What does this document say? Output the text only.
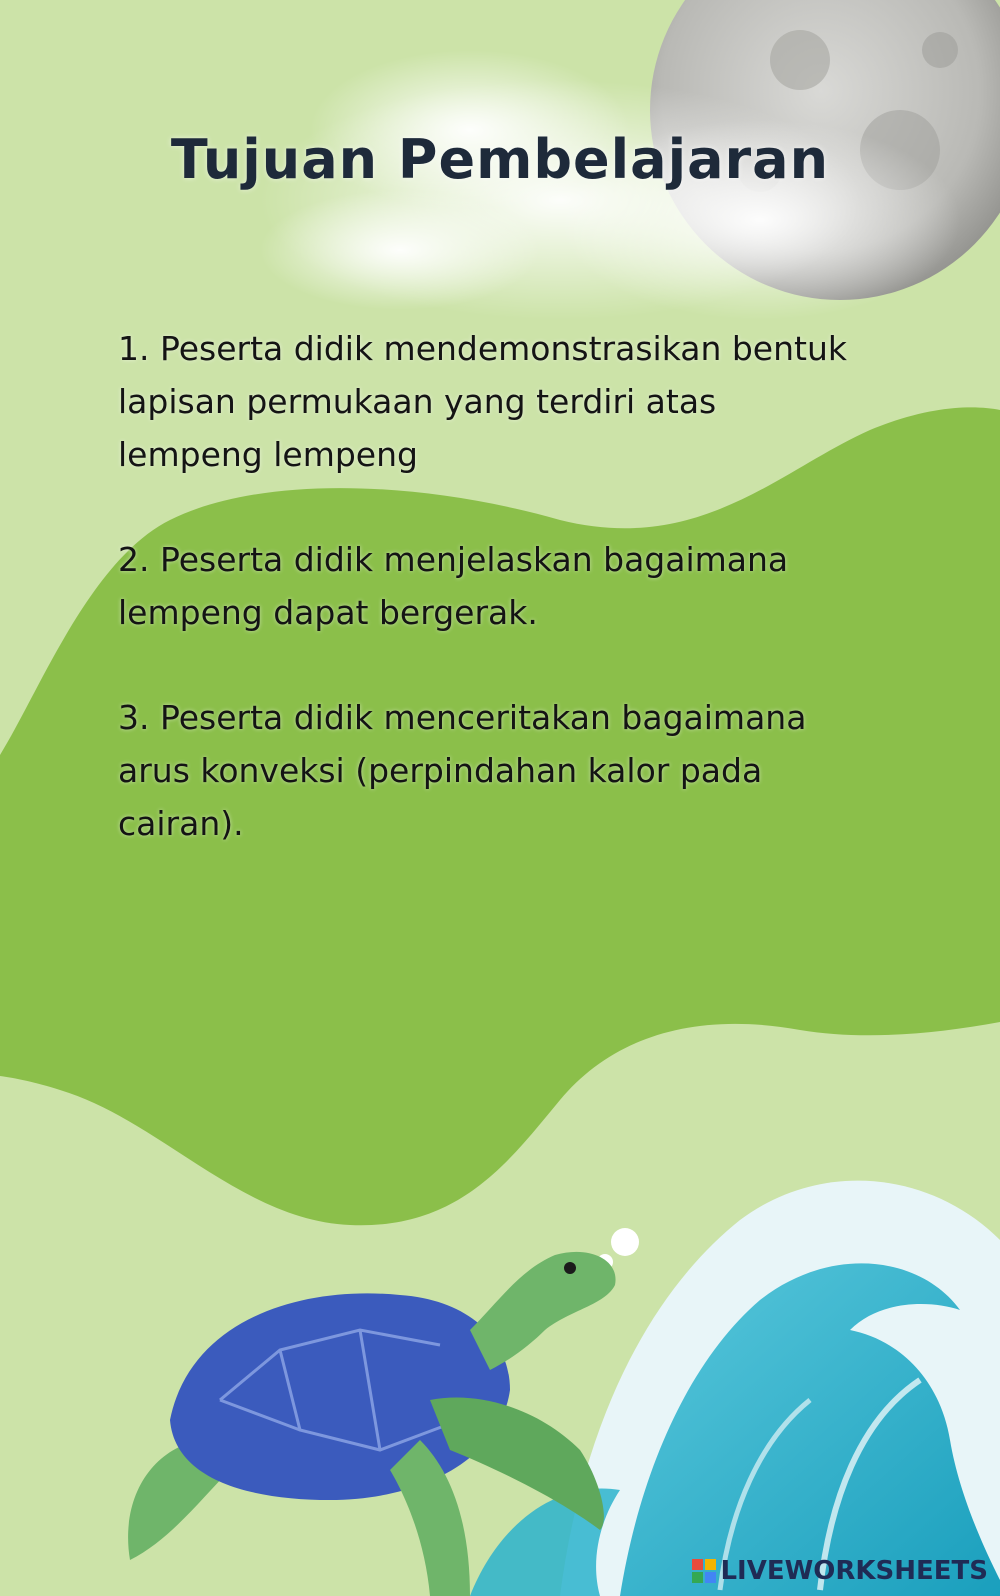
Tujuan Pembelajaran

1. Peserta didik mendemonstrasikan bentuk
lapisan permukaan yang terdiri atas
lempeng lempeng

2. Peserta didik menjelaskan bagaimana
lempeng dapat bergerak.

3. Peserta didik menceritakan bagaimana
arus konveksi (perpindahan kalor pada
cairan).

LIVEWORKSHEETS
